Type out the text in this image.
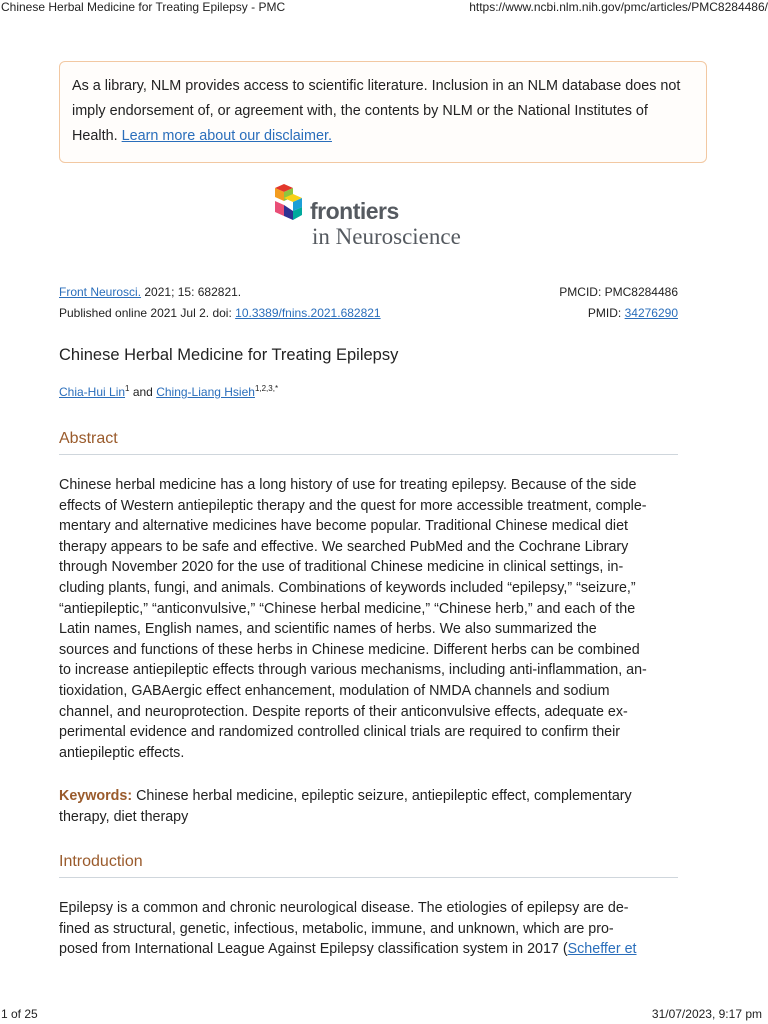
Chinese Herbal Medicine for Treating Epilepsy - PMC	https://www.ncbi.nlm.nih.gov/pmc/articles/PMC8284486/
As a library, NLM provides access to scientific literature. Inclusion in an NLM database does not imply endorsement of, or agreement with, the contents by NLM or the National Institutes of Health. Learn more about our disclaimer.
frontiers
in Neuroscience
Front Neurosci. 2021; 15: 682821.
Published online 2021 Jul 2. doi: 10.3389/fnins.2021.682821
PMCID: PMC8284486
PMID: 34276290
Chinese Herbal Medicine for Treating Epilepsy
Chia-Hui Lin$^1$ and Ching-Liang Hsieh$^{1,2,3,*}$
Abstract
Chinese herbal medicine has a long history of use for treating epilepsy. Because of the side
effects of Western antiepileptic therapy and the quest for more accessible treatment, comple-
mentary and alternative medicines have become popular. Traditional Chinese medical diet
therapy appears to be safe and effective. We searched PubMed and the Cochrane Library
through November 2020 for the use of traditional Chinese medicine in clinical settings, in-
cluding plants, fungi, and animals. Combinations of keywords included “epilepsy,” “seizure,”
“antiepileptic,” “anticonvulsive,” “Chinese herbal medicine,” “Chinese herb,” and each of the
Latin names, English names, and scientific names of herbs. We also summarized the
sources and functions of these herbs in Chinese medicine. Different herbs can be combined
to increase antiepileptic effects through various mechanisms, including anti-inflammation, an-
tioxidation, GABAergic effect enhancement, modulation of NMDA channels and sodium
channel, and neuroprotection. Despite reports of their anticonvulsive effects, adequate ex-
perimental evidence and randomized controlled clinical trials are required to confirm their
antiepileptic effects.
Keywords: Chinese herbal medicine, epileptic seizure, antiepileptic effect, complementary
therapy, diet therapy
Introduction
Epilepsy is a common and chronic neurological disease. The etiologies of epilepsy are de-
fined as structural, genetic, infectious, metabolic, immune, and unknown, which are pro-
posed from International League Against Epilepsy classification system in 2017 (Scheffer et
1 of 25	31/07/2023, 9:17 pm
